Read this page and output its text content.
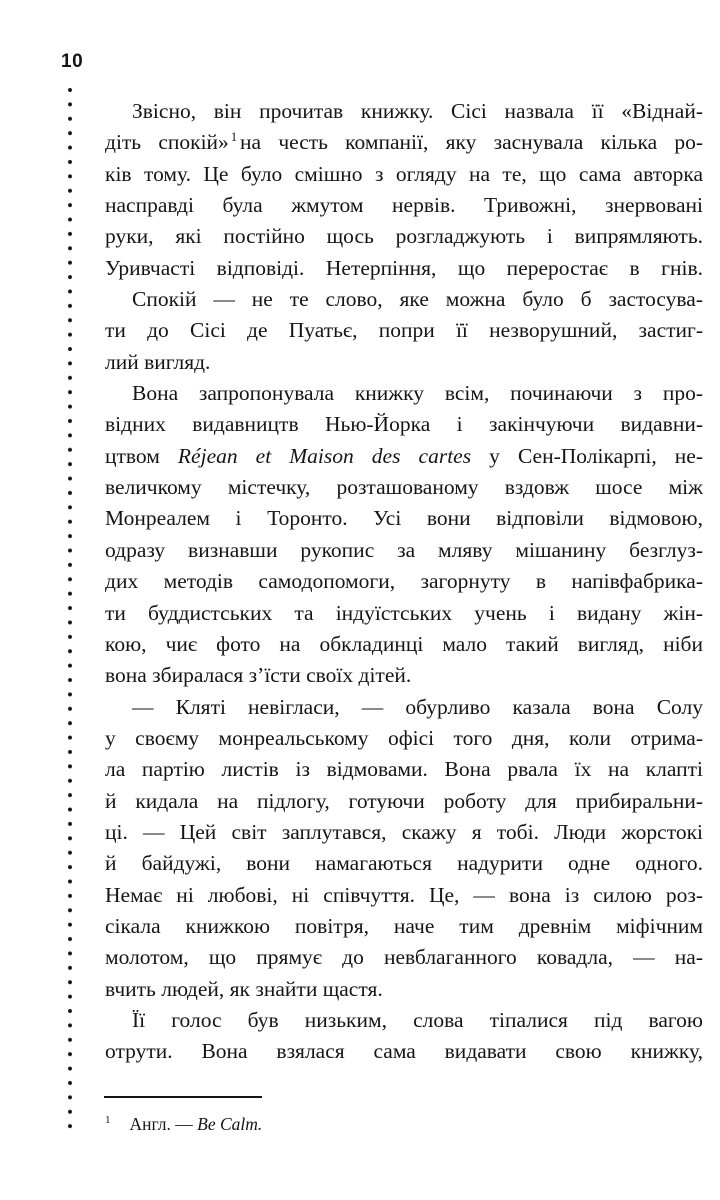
10
Звісно, він прочитав книжку. Сісі назвала її «Віднай-
діть спокій» $^1$ на честь компанії, яку заснувала кілька ро-
ків тому. Це було смішно з огляду на те, що сама авторка
насправді була жмутом нервів. Тривожні, знервовані
руки, які постійно щось розгладжують і випрямляють.
Уривчасті відповіді. Нетерпіння, що переростає в гнів.
Спокій — не те слово, яке можна було б застосува-
ти до Сісі де Пуатьє, попри її незворушний, застиг-
лий вигляд.
Вона запропонувала книжку всім, починаючи з про-
відних видавництв Нью-Йорка і закінчуючи видавни-
цтвом Réjean et Maison des cartes у Сен-Полікарпі, не-
величкому містечку, розташованому вздовж шосе між
Монреалем і Торонто. Усі вони відповіли відмовою,
одразу визнавши рукопис за мляву мішанину безглуз-
дих методів самодопомоги, загорнуту в напівфабрика-
ти буддистських та індуїстських учень і видану жін-
кою, чиє фото на обкладинці мало такий вигляд, ніби
вона збиралася з’їсти своїх дітей.
— Кляті невігласи, — обурливо казала вона Солу
у своєму монреальському офісі того дня, коли отрима-
ла партію листів із відмовами. Вона рвала їх на клапті
й кидала на підлогу, готуючи роботу для прибиральни-
ці. — Цей світ заплутався, скажу я тобі. Люди жорстокі
й байдужі, вони намагаються надурити одне одного.
Немає ні любові, ні співчуття. Це, — вона із силою роз-
сікала книжкою повітря, наче тим древнім міфічним
молотом, що прямує до невблаганного ковадла, — на-
вчить людей, як знайти щастя.
Її голос був низьким, слова тіпалися під вагою
отрути. Вона взялася сама видавати свою книжку,
$^1$ Англ. — Be Calm.
